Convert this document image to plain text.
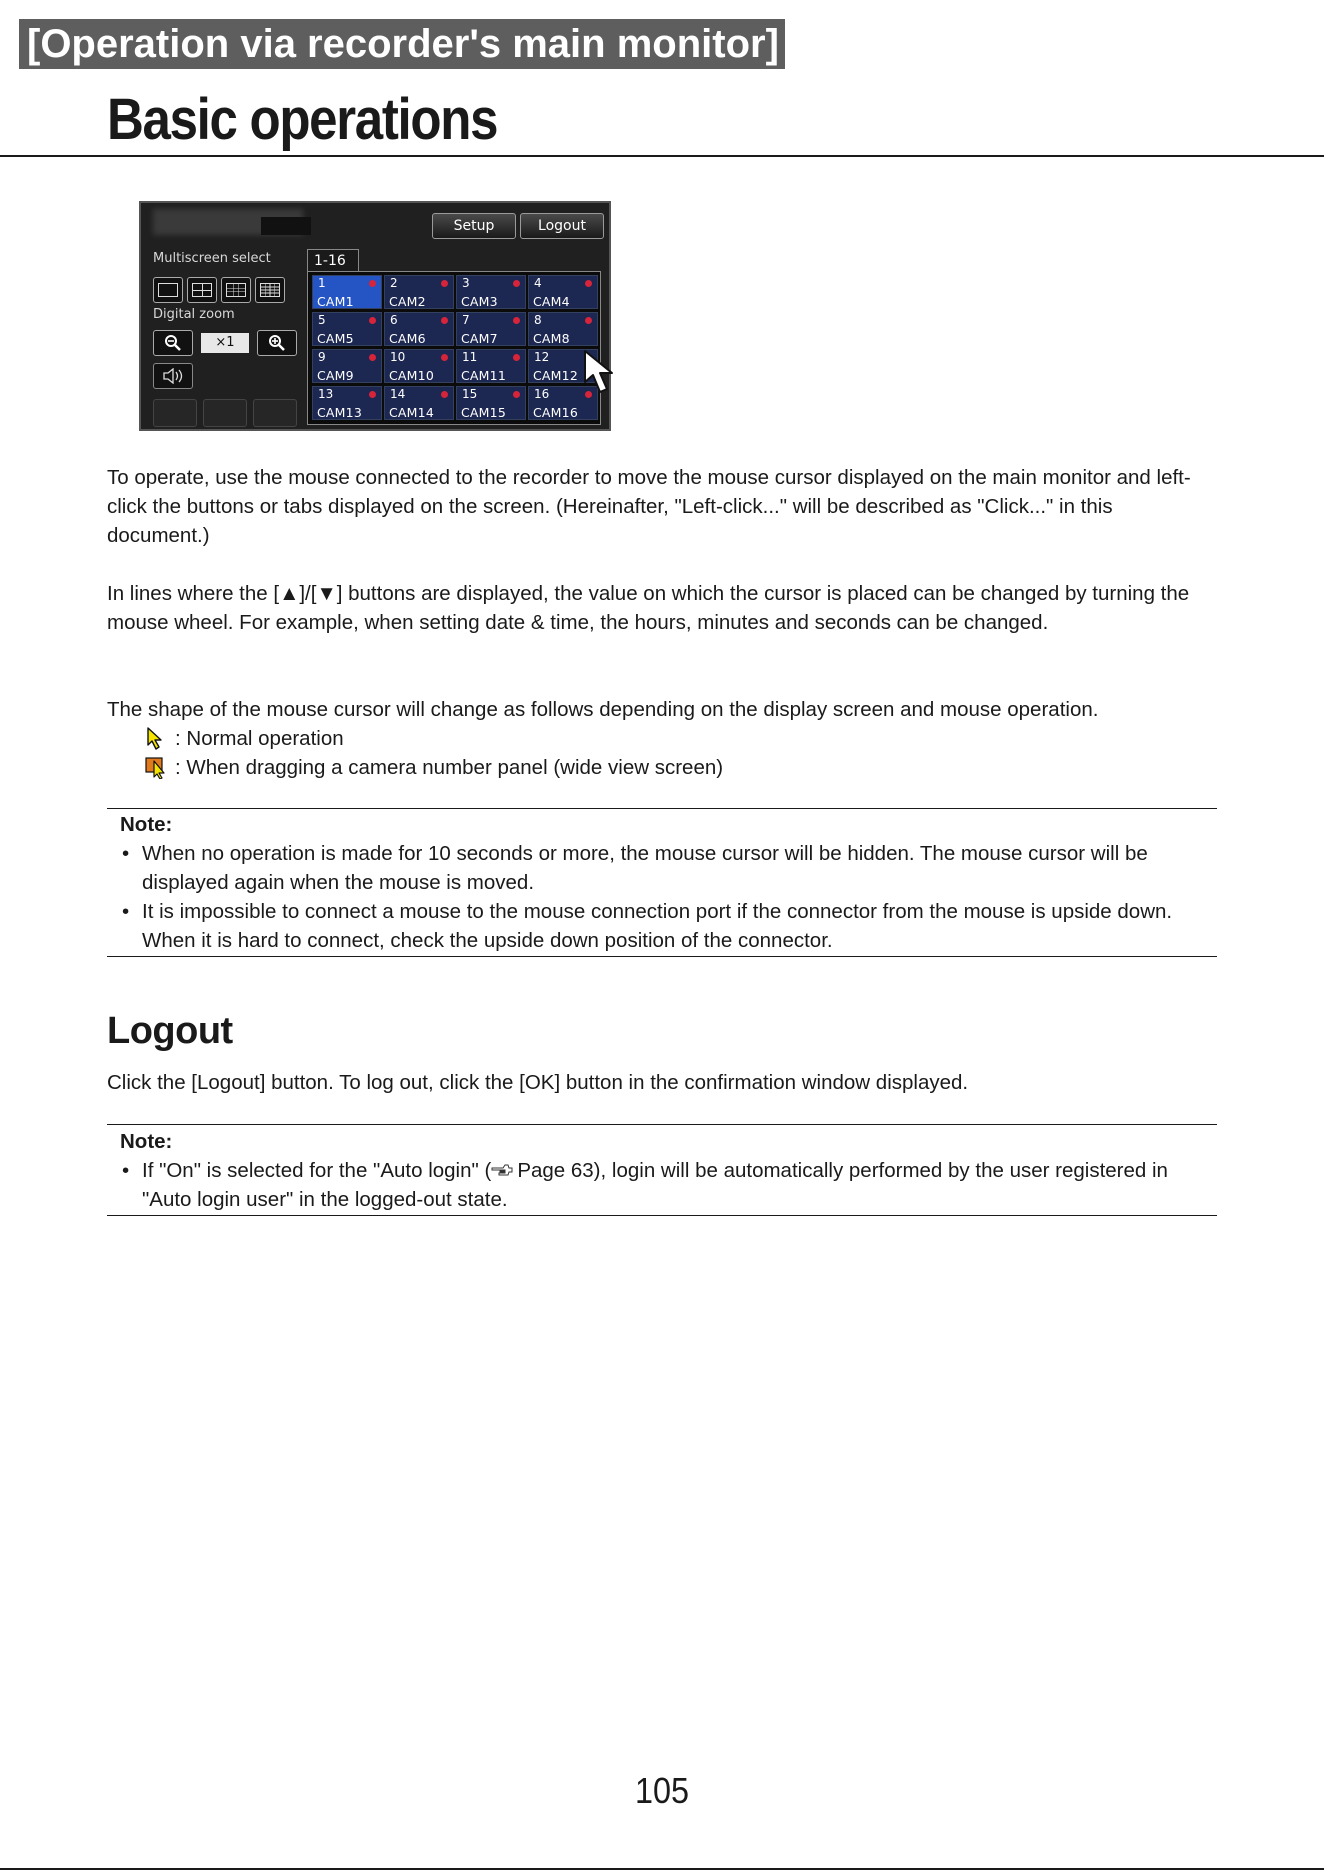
[Operation via recorder's main monitor]
Basic operations
Setup	Logout
Multiscreen select
Digital zoom
×1
1-16
1
CAM1
2
CAM2
3
CAM3
4
CAM4
5
CAM5
6
CAM6
7
CAM7
8
CAM8
9
CAM9
10
CAM10
11
CAM11
12
CAM12
13
CAM13
14
CAM14
15
CAM15
16
CAM16

To operate, use the mouse connected to the recorder to move the mouse cursor displayed on the main monitor and left-click the buttons or tabs displayed on the screen. (Hereinafter, "Left-click..." will be described as "Click..." in this document.)

In lines where the [▲]/[▼] buttons are displayed, the value on which the cursor is placed can be changed by turning the mouse wheel. For example, when setting date & time, the hours, minutes and seconds can be changed.

The shape of the mouse cursor will change as follows depending on the display screen and mouse operation.

: Normal operation
: When dragging a camera number panel (wide view screen)
Note:
• When no operation is made for 10 seconds or more, the mouse cursor will be hidden. The mouse cursor will be displayed again when the mouse is moved.
• It is impossible to connect a mouse to the mouse connection port if the connector from the mouse is upside down. When it is hard to connect, check the upside down position of the connector.
Logout

Click the [Logout] button. To log out, click the [OK] button in the confirmation window displayed.

Note:
• If "On" is selected for the "Auto login" ( Page 63), login will be automatically performed by the user registered in "Auto login user" in the logged-out state.
105
